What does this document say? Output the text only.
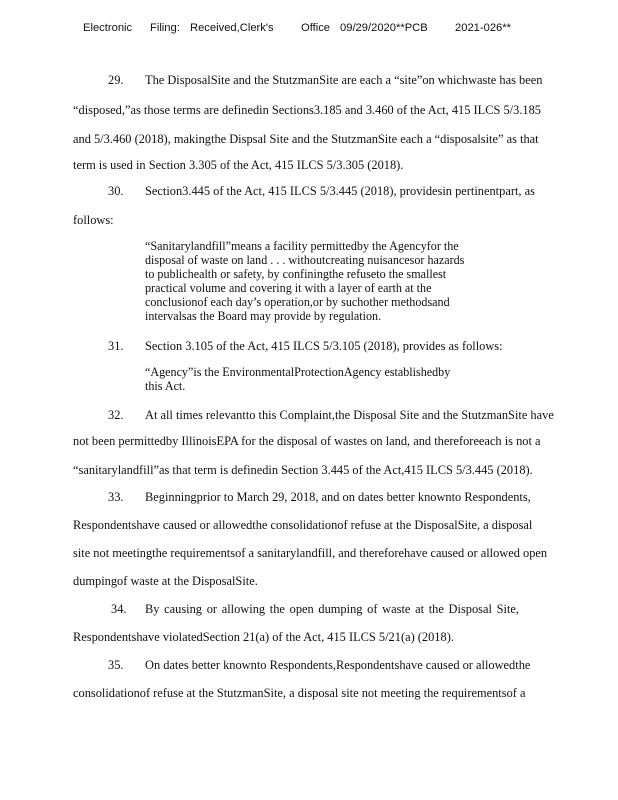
Electronic Filing: Received,Clerk's Office 09/29/2020**PCB 2021-026**
29. The DisposalSite and the StutzmanSite are each a “site”on whichwaste has been
“disposed,”as those terms are definedin Sections3.185 and 3.460 of the Act, 415 ILCS 5/3.185
and 5/3.460 (2018), makingthe Dispsal Site and the StutzmanSite each a “disposalsite” as that
term is used in Section 3.305 of the Act, 415 ILCS 5/3.305 (2018).
30. Section3.445 of the Act, 415 ILCS 5/3.445 (2018), providesin pertinentpart, as
follows:
“Sanitarylandfill”means a facility permittedby the Agencyfor the
disposal of waste on land . . . withoutcreating nuisancesor hazards
to publichealth or safety, by confiningthe refuseto the smallest
practical volume and covering it with a layer of earth at the
conclusionof each day’s operation,or by suchother methodsand
intervalsas the Board may provide by regulation.
31. Section 3.105 of the Act, 415 ILCS 5/3.105 (2018), provides as follows:
“Agency”is the EnvironmentalProtectionAgency establishedby
this Act.
32. At all times relevantto this Complaint,the Disposal Site and the StutzmanSite have
not been permittedby IllinoisEPA for the disposal of wastes on land, and thereforeeach is not a
“sanitarylandfill”as that term is definedin Section 3.445 of the Act,415 ILCS 5/3.445 (2018).
33. Beginningprior to March 29, 2018, and on dates better knownto Respondents,
Respondentshave caused or allowedthe consolidationof refuse at the DisposalSite, a disposal
site not meetingthe requirementsof a sanitarylandfill, and thereforehave caused or allowed open
dumpingof waste at the DisposalSite.
34. By causing or allowing the open dumping of waste at the Disposal Site,
Respondentshave violatedSection 21(a) of the Act, 415 ILCS 5/21(a) (2018).
35. On dates better knownto Respondents,Respondentshave caused or allowedthe
consolidationof refuse at the StutzmanSite, a disposal site not meeting the requirementsof a
